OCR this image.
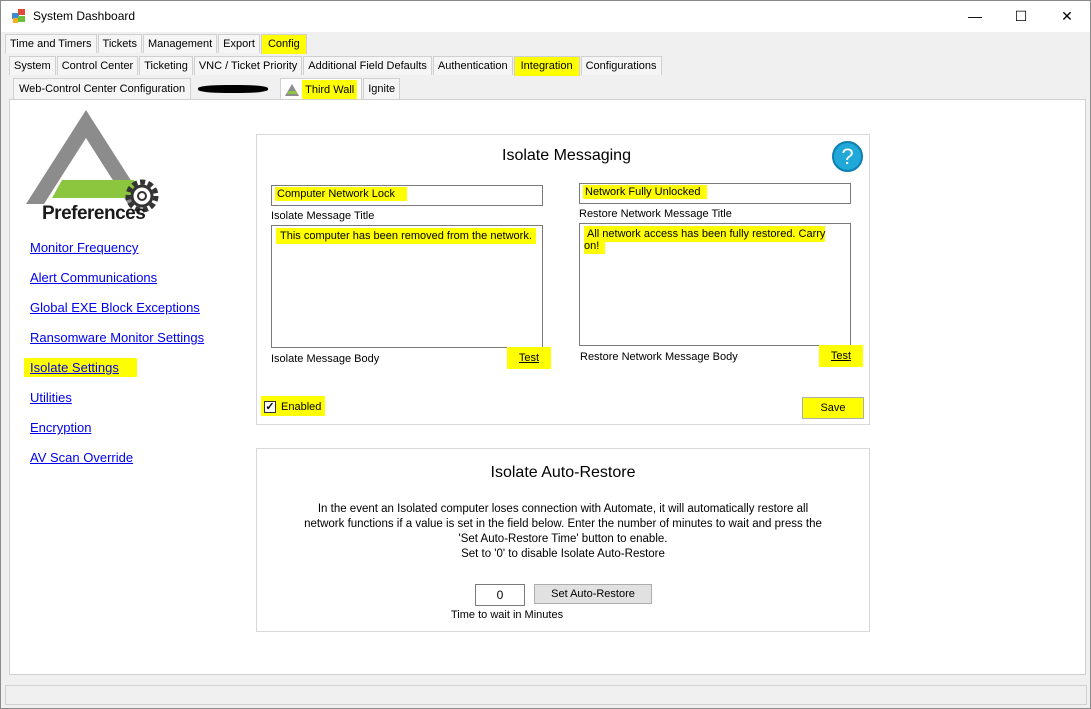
System Dashboard	—	☐	✕
Time and Timers	Tickets	Management	Export	Config
System	Control Center	Ticketing	VNC / Ticket Priority	Additional Field Defaults	Authentication	Integration	Configurations
Web-Control Center Configuration	Third Wall	Ignite
Preferences
Monitor Frequency
Alert Communications
Global EXE Block Exceptions
Ransomware Monitor Settings
Isolate Settings
Utilities
Encryption
AV Scan Override
Isolate Messaging	?
Computer Network Lock
Isolate Message Title
This computer has been removed from the network.
Isolate Message Body	Test
Network Fully Unlocked
Restore Network Message Title
All network access has been fully restored. Carry on!
Restore Network Message Body	Test
✓ Enabled	Save
Isolate Auto-Restore
In the event an Isolated computer loses connection with Automate, it will automatically restore all
network functions if a value is set in the field below. Enter the number of minutes to wait and press the
'Set Auto-Restore Time' button to enable.
Set to '0' to disable Isolate Auto-Restore
0	Set Auto-Restore
Time to wait in Minutes
